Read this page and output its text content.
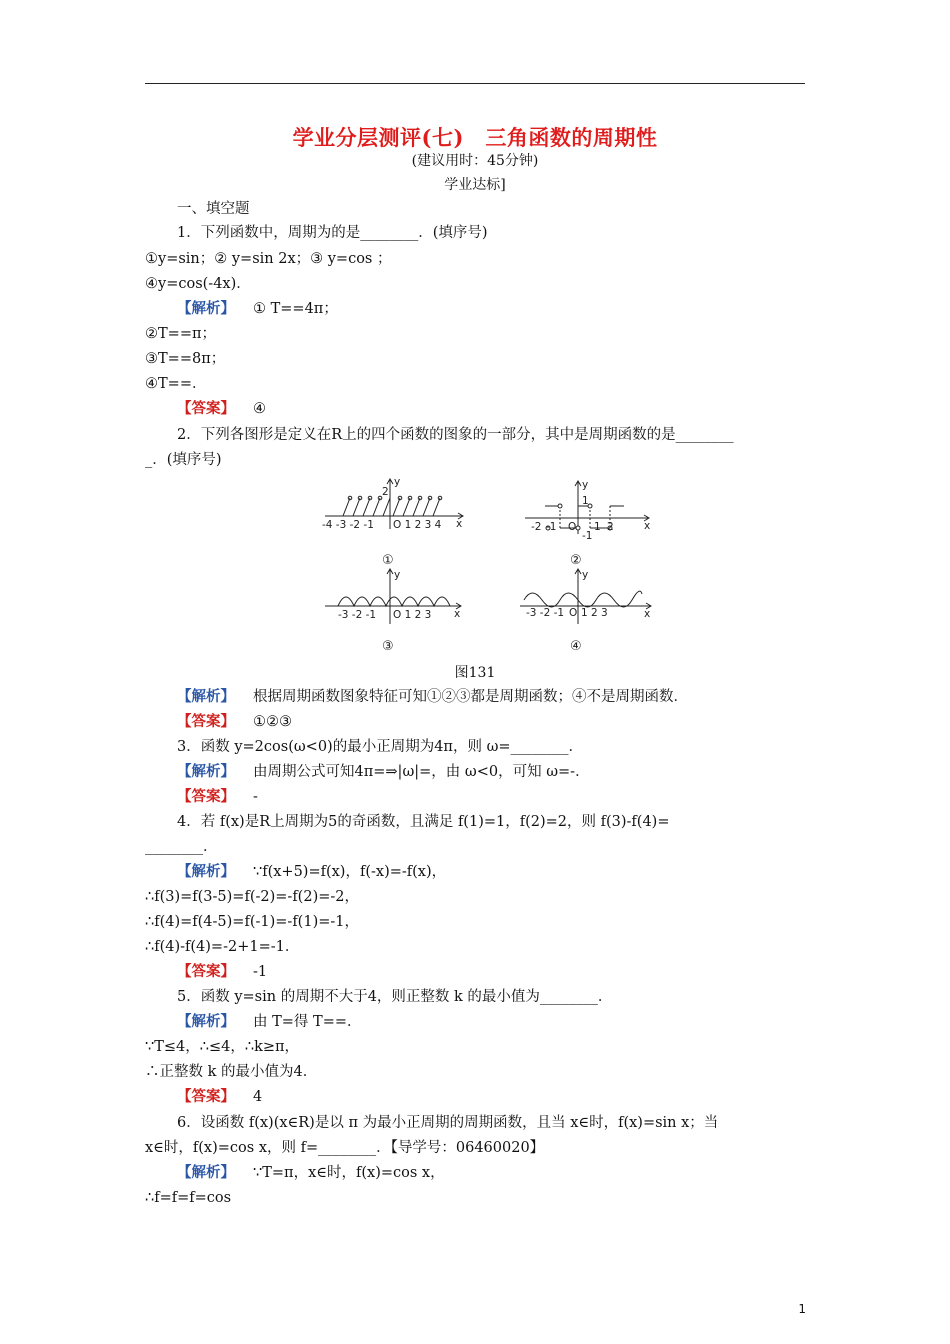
学业分层测评(七)　三角函数的周期性
(建议用时：45分钟)
学业达标]
一、填空题
1．下列函数中，周期为的是________．(填序号)
①y=sin；② y=sin 2x；③ y=cos ；
④y=cos(-4x)．
【解析】 ① T==4π；
②T==π；
③T==8π；
④T==．
【答案】 ④
2．下列各图形是定义在R上的四个函数的图象的一部分，其中是周期函数的是________
_．(填序号)
-4 -3 -2 -1 O 1 2 3 4
2
y
x	-2 -1 O
1
1 2
-1
y
x
-3 -2 -1 O 1 2 3
y
x	-3 -2 -1 1 2 3
O
y
x
①	②
③	④
图131
【解析】 根据周期函数图象特征可知①②③都是周期函数；④不是周期函数．
【答案】 ①②③
3．函数 y=2cos(ω<0)的最小正周期为4π，则 ω=________．
【解析】 由周期公式可知4π=⇒|ω|=，由 ω<0，可知 ω=-．
【答案】 -
4．若 f(x)是R上周期为5的奇函数，且满足 f(1)=1，f(2)=2，则 f(3)-f(4)=
________．
【解析】 ∵f(x+5)=f(x)，f(-x)=-f(x)，
∴f(3)=f(3-5)=f(-2)=-f(2)=-2，
∴f(4)=f(4-5)=f(-1)=-f(1)=-1，
∴f(4)-f(4)=-2+1=-1．
【答案】 -1
5．函数 y=sin 的周期不大于4，则正整数 k 的最小值为________．
【解析】 由 T=得 T==．
∵T≤4，∴≤4，∴k≥π，
∴正整数 k 的最小值为4．
【答案】 4
6．设函数 f(x)(x∈R)是以 π 为最小正周期的周期函数，且当 x∈时，f(x)=sin x；当
x∈时，f(x)=cos x，则 f=________．【导学号：06460020】
【解析】 ∵T=π，x∈时，f(x)=cos x，
∴f=f=f=cos
1
